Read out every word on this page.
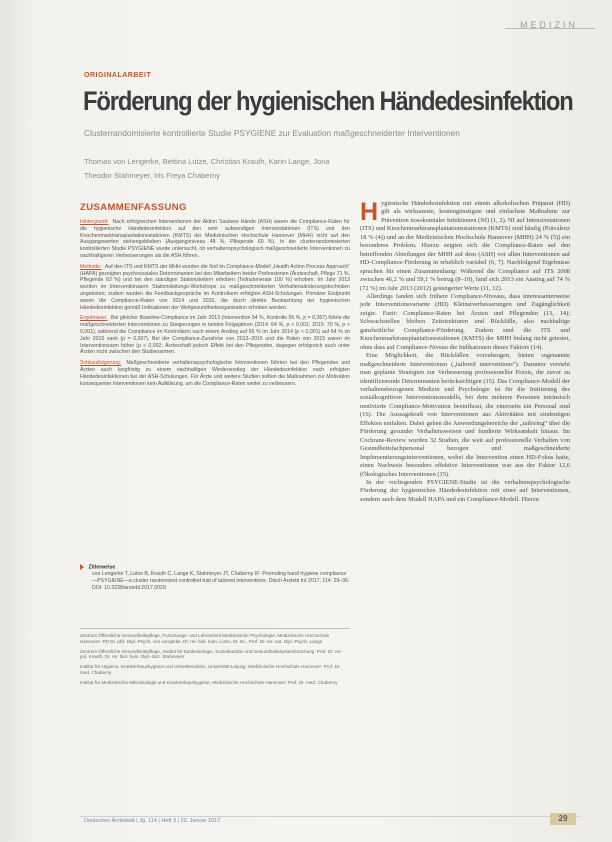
MEDIZIN
ORIGINALARBEIT
Förderung der hygienischen Händedesinfektion
Clusterrandomisierte kontrollierte Studie PSYGIENE zur Evaluation maßgeschneiderter Interventionen
Thomas von Lengerke, Bettina Lutze, Christian Krauth, Karin Lange, Jona Theodor Stahmeyer, Iris Freya Chaberny
ZUSAMMENFASSUNG

Hintergrund: Nach erfolgreichen Interventionen der Aktion Saubere Hände (ASH) waren die Compliance-Raten für die hygienische Händedesinfektion auf den sehr aufwendigen Intensivstationen (ITS) und den Knochenmarktransplantationsstationen (KMTS) der Medizinischen Hochschule Hannover (MHH) nicht auf den Ausgangswerten stehengeblieben (Ausgangsniveau 48 %, Pflegende 60 %). In der clusterrandomisierten kontrollierten Studie PSYGIENE wurde untersucht, ob verhaltenspsychologisch maßgeschneiderte Interventionen zu nachhaltigeren Verbesserungen als die ASH führen.

Methode: Auf den ITS und KMTS der MHH wurden die fünf im Compliance-Modell „Health Action Process Approach“ (HAPA) gezeigten psychosozialen Determinanten bei den Mitarbeitern beider Professionen (Ärzteschaft, Pflege 71 %, Pflegende 63 %) und bei den ständigen Stationsleitern erhoben (Teilnahmerate 100 %) erhoben. Im Jahr 2013 wurden im Interventionsarm Stationsleitungs-Workshops zu maßgeschneiderten Verhaltensänderungstechniken angeboten; zudem wurden die Feedbackgespräche im Kontrollarm erfolgten ASH-Schulungen. Primärer Endpunkt waren die Compliance-Raten von 2014 und 2015, die durch direkte Beobachtung der hygienischen Händedesinfektion gemäß Indikationen der Weltgesundheitsorganisation erhoben wurden.

Ergebnisse: Bei gleicher Baseline-Compliance im Jahr 2013 (Intervention 54 %, Kontrolle 55 %, p = 0,367) führte die maßgeschneiderten Interventionen zu Steigerungen in beiden Folgejahren (2014: 64 %, p < 0,001; 2015: 70 %, p < 0,001), während die Compliance im Kontrollarm nach einem Anstieg auf 66 % im Jahr 2014 (p < 0,001) auf 64 % im Jahr 2015 sank (p = 0,007). Bei der Compliance-Zunahme von 2013–2015 und die Raten von 2015 waren im Interventionsarm höher (p < 0,002; Ärzteschaft jedoch Effekt bei den Pflegenden, dagegen erfolgreich auch unter Ärzten nicht zwischen den Studienarmen.

Schlussfolgerung: Maßgeschneiderte verhaltenspsychologische Interventionen führten bei den Pflegenden und Ärzten auch langfristig zu einem nachhaltigen Wiederanstieg der Händedesinfektion nach erfolgten Händedesinfektionen bei der ASH-Schulungen. Für Ärzte und weitere Studien sollten die Maßnahmen zur Motivation konsequenter Interventionen kein Aufklärung, um die Compliance-Raten weiter zu verbessern.

Zitierweise
von Lengerke T, Lutze B, Krauth C, Lange K, Stahmeyer JT, Chaberny IF: Promoting hand hygiene compliance—PSYGIENE—a cluster randomized controlled trial of tailored interventions. Dtsch Arztebl Int 2017; 114: 29–36. DOI: 10.3238/arztebl.2017.0029

Zentrum Öffentliche Gesundheitspflege, Forschungs- und Lehreinheit Medizinische Psychologie, Medizinische Hochschule Hannover: PD Dr. phil. Dipl.-Psych. von Lengerke, Dr. rer. biol. hum. Lutze, M. Sc., Prof. Dr. rer. nat. Dipl.-Psych. Lange

Zentrum Öffentliche Gesundheitspflege, Institut für Epidemiologie, Sozialmedizin und Gesundheitssystemforschung: Prof. Dr. rer. pol. Krauth, Dr. rer. biol. hum. Dipl.-Soz. Stahmeyer

Institut für Hygiene, Krankenhaushygiene und Umweltmedizin, Universität Leipzig; Medizinische Hochschule Hannover: Prof. Dr. med. Chaberny

Institut für Medizinische Mikrobiologie und Krankenhaushygiene, Medizinische Hochschule Hannover: Prof. Dr. med. Chaberny

H ygienische Händedesinfektion mit einem alkoholischen Präparat (HD) gilt als wirksamste, kostengünstigste und einfachste Maßnahme zur Prävention nosokomialer Infektionen (NI) (1, 2). NI auf Intensivstationen (ITS) und Knochenmarktransplantationsstationen (KMTS) sind häufig (Prävalenz 18 % (4)) und an der Medizinischen Hochschule Hannover (MHH) 24 % (5)) ein besonderes Problem. Hierzu zeigten sich die Compliance-Raten auf den betreffenden Abteilungen der MHH auf dem (ASH) vor allen Interventionen auf HD-Compliance-Förderung in erheblich variabel (6, 7). Nachfolgend Ergebnisse sprachen für einen Zusammenhang: Während die Compliance auf ITS 2008 zwischen 46,2 % und 59,1 % betrug (8–10), fand sich 2013 ein Anstieg auf 74 % (72 %) im Jahr 2013 (2012) gesteigerter Werte (11, 12).

Allerdings fanden sich frühere Compliance-Niveaus, dass interessanterweise jede Interventionsvariante (HD) Kleinstverbesserungen und Zugänglichkeit zeigte. Fazit: Compliance-Raten bei Ärzten und Pflegenden (13, 14); Schwachstellen bleiben Zeitstrukturen und Rückfälle, also nachhaltige ganzheitliche Compliance-Förderung. Zudem sind die ITS und Knochenmarktransplantationsstationen (KMTS) der MHH bislang nicht getestet, ohne dass auf Compliance-Niveau die Indikationen dieses Faktors (14).

Eine Möglichkeit, die Rückfällen vorzubeugen, bieten sogenannte maßgeschneiderte Interventionen („tailored interventions“). Darunter versteht man geplante Strategien zur Verbesserung professioneller Praxis, die zuvor zu identifizierende Determinanten berücksichtigen (15). Das Compliance-Modell der verhaltensbezogenen Medizin und Psychologie ist für die Initiierung des sozialkognitiven Interventionsmodells, bei dem mehrere Personen intrinsisch motivierte Compliance-Motivation beeinflusst, die einerseits ein Personal sind (16). Die Aussagekraft von Interventionen aus Aktivitäten mit eindeutigen Effekten entfalten. Dabei gehen die Anwendungsbereiche der „tailoring“ über die Förderung gesunder Verhaltensweisen und fundierte Wirksamkeit hinaus. Im Cochrane-Review wurden 32 Studien, die weit auf professionelle Verhalten von Gesundheitsfachpersonal bezogen und maßgeschneiderte Implementierungsinterventionen, wobei die Intervention einen HD-Fokus hatte, einen Nachweis besonders effektive Interventionen war aus der Faktor 12,6 (Ökologisches Interventionen (15).

In der vorliegenden PSYGIENE-Studie ist die verhaltenspsychologische Förderung der hygienischen Händedesinfektion mit einer auf Interventionen, sondern auch dem Modell HAPA und ein Compliance-Modell. Hierzu

Deutsches Ärzteblatt | Jg. 114 | Heft 3 | 20. Januar 2017	29
